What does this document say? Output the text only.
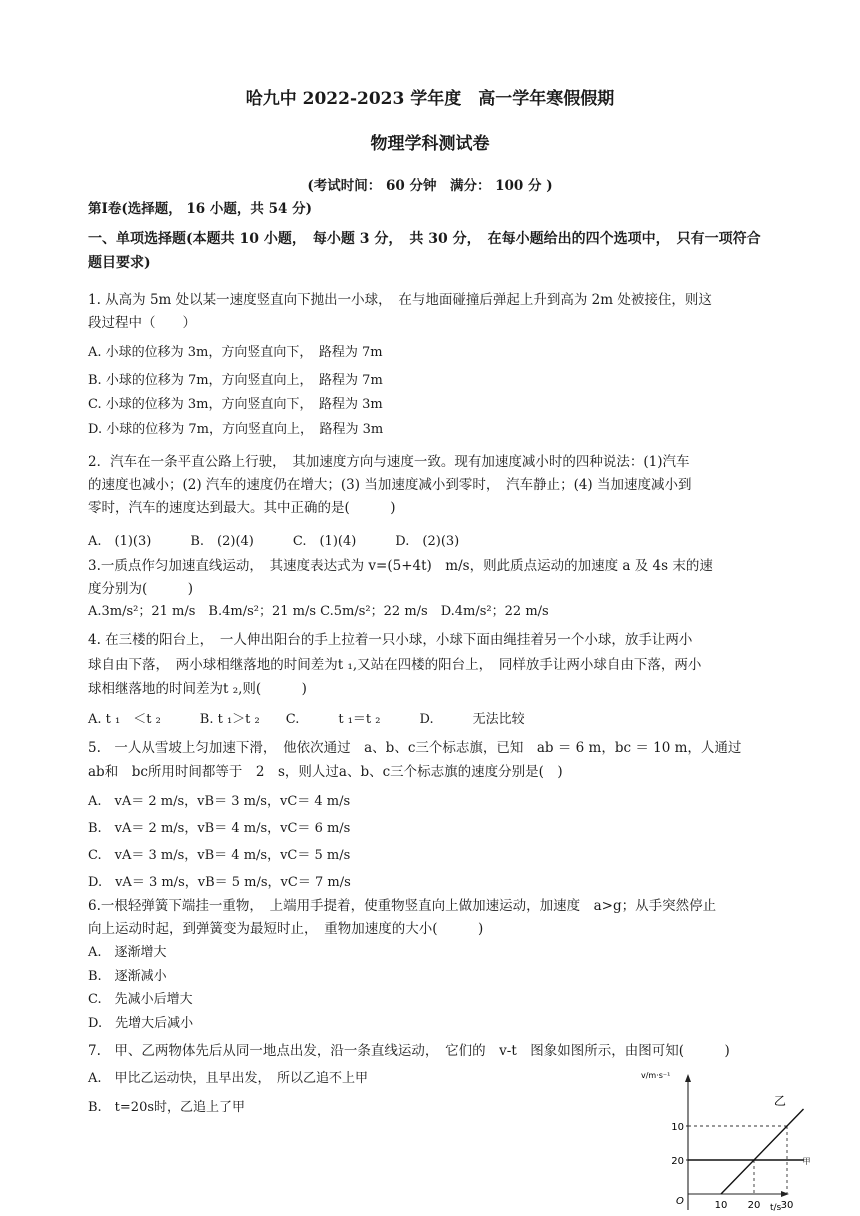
哈九中 2022-2023 学年度　高一学年寒假假期
物理学科测试卷
(考试时间： 60 分钟　满分： 100 分 )
第Ⅰ卷(选择题， 16 小题，共 54 分)
一、单项选择题(本题共 10 小题，　每小题 3 分，　共 30 分，　在每小题给出的四个选项中，　只有一项符合
题目要求)
1. 从高为 5m 处以某一速度竖直向下抛出一小球，　在与地面碰撞后弹起上升到高为 2m 处被接住，则这
段过程中（　　）
A. 小球的位移为 3m，方向竖直向下，　路程为 7m
B. 小球的位移为 7m，方向竖直向上，　路程为 7m
C. 小球的位移为 3m，方向竖直向下，　路程为 3m
D. 小球的位移为 7m，方向竖直向上，　路程为 3m
2．汽车在一条平直公路上行驶，　其加速度方向与速度一致。现有加速度减小时的四种说法：(1)汽车
的速度也减小；(2) 汽车的速度仍在增大；(3) 当加速度减小到零时，　汽车静止；(4) 当加速度减小到
零时，汽车的速度达到最大。其中正确的是(　　　)
A.　(1)(3)　　　B.　(2)(4)　　　C.　(1)(4)　　　D.　(2)(3)
3.一质点作匀加速直线运动，　其速度表达式为 v=(5+4t)　m/s，则此质点运动的加速度 a 及 4s 末的速
度分别为(　　　)
A.3m/s²；21 m/s　B.4m/s²；21 m/s C.5m/s²；22 m/s　D.4m/s²；22 m/s
4. 在三楼的阳台上，　一人伸出阳台的手上拉着一只小球，小球下面由绳挂着另一个小球，放手让两小
球自由下落，　两小球相继落地的时间差为t ₁,又站在四楼的阳台上，　同样放手让两小球自由下落，两小
球相继落地的时间差为t ₂,则(　　　)
A. t ₁　＜t ₂　　　B. t ₁＞t ₂　　C.　　　t ₁＝t ₂　　　D.　　　无法比较
5.　一人从雪坡上匀加速下滑，　他依次通过　a、b、c三个标志旗，已知　ab ＝ 6 m，bc ＝ 10 m，人通过
ab和　bc所用时间都等于　2　s，则人过a、b、c三个标志旗的速度分别是(　)
A.　vA＝ 2 m/s，vB＝ 3 m/s，vC＝ 4 m/s
B.　vA＝ 2 m/s，vB＝ 4 m/s，vC＝ 6 m/s
C.　vA＝ 3 m/s，vB＝ 4 m/s，vC＝ 5 m/s
D.　vA＝ 3 m/s，vB＝ 5 m/s，vC＝ 7 m/s
6.一根轻弹簧下端挂一重物，　上端用手提着，使重物竖直向上做加速运动，加速度　a>g；从手突然停止
向上运动时起，到弹簧变为最短时止，　重物加速度的大小(　　　)
A.　逐渐增大
B.　逐渐减小
C.　先减小后增大
D.　先增大后减小
7.　甲、乙两物体先后从同一地点出发，沿一条直线运动，　它们的　v-t　图象如图所示，由图可知(　　　)
A.　甲比乙运动快，且早出发，　所以乙追不上甲
B.　t=20s时，乙追上了甲
v/m·s⁻¹
t/s
O
甲
乙
20
10
10 20 30
